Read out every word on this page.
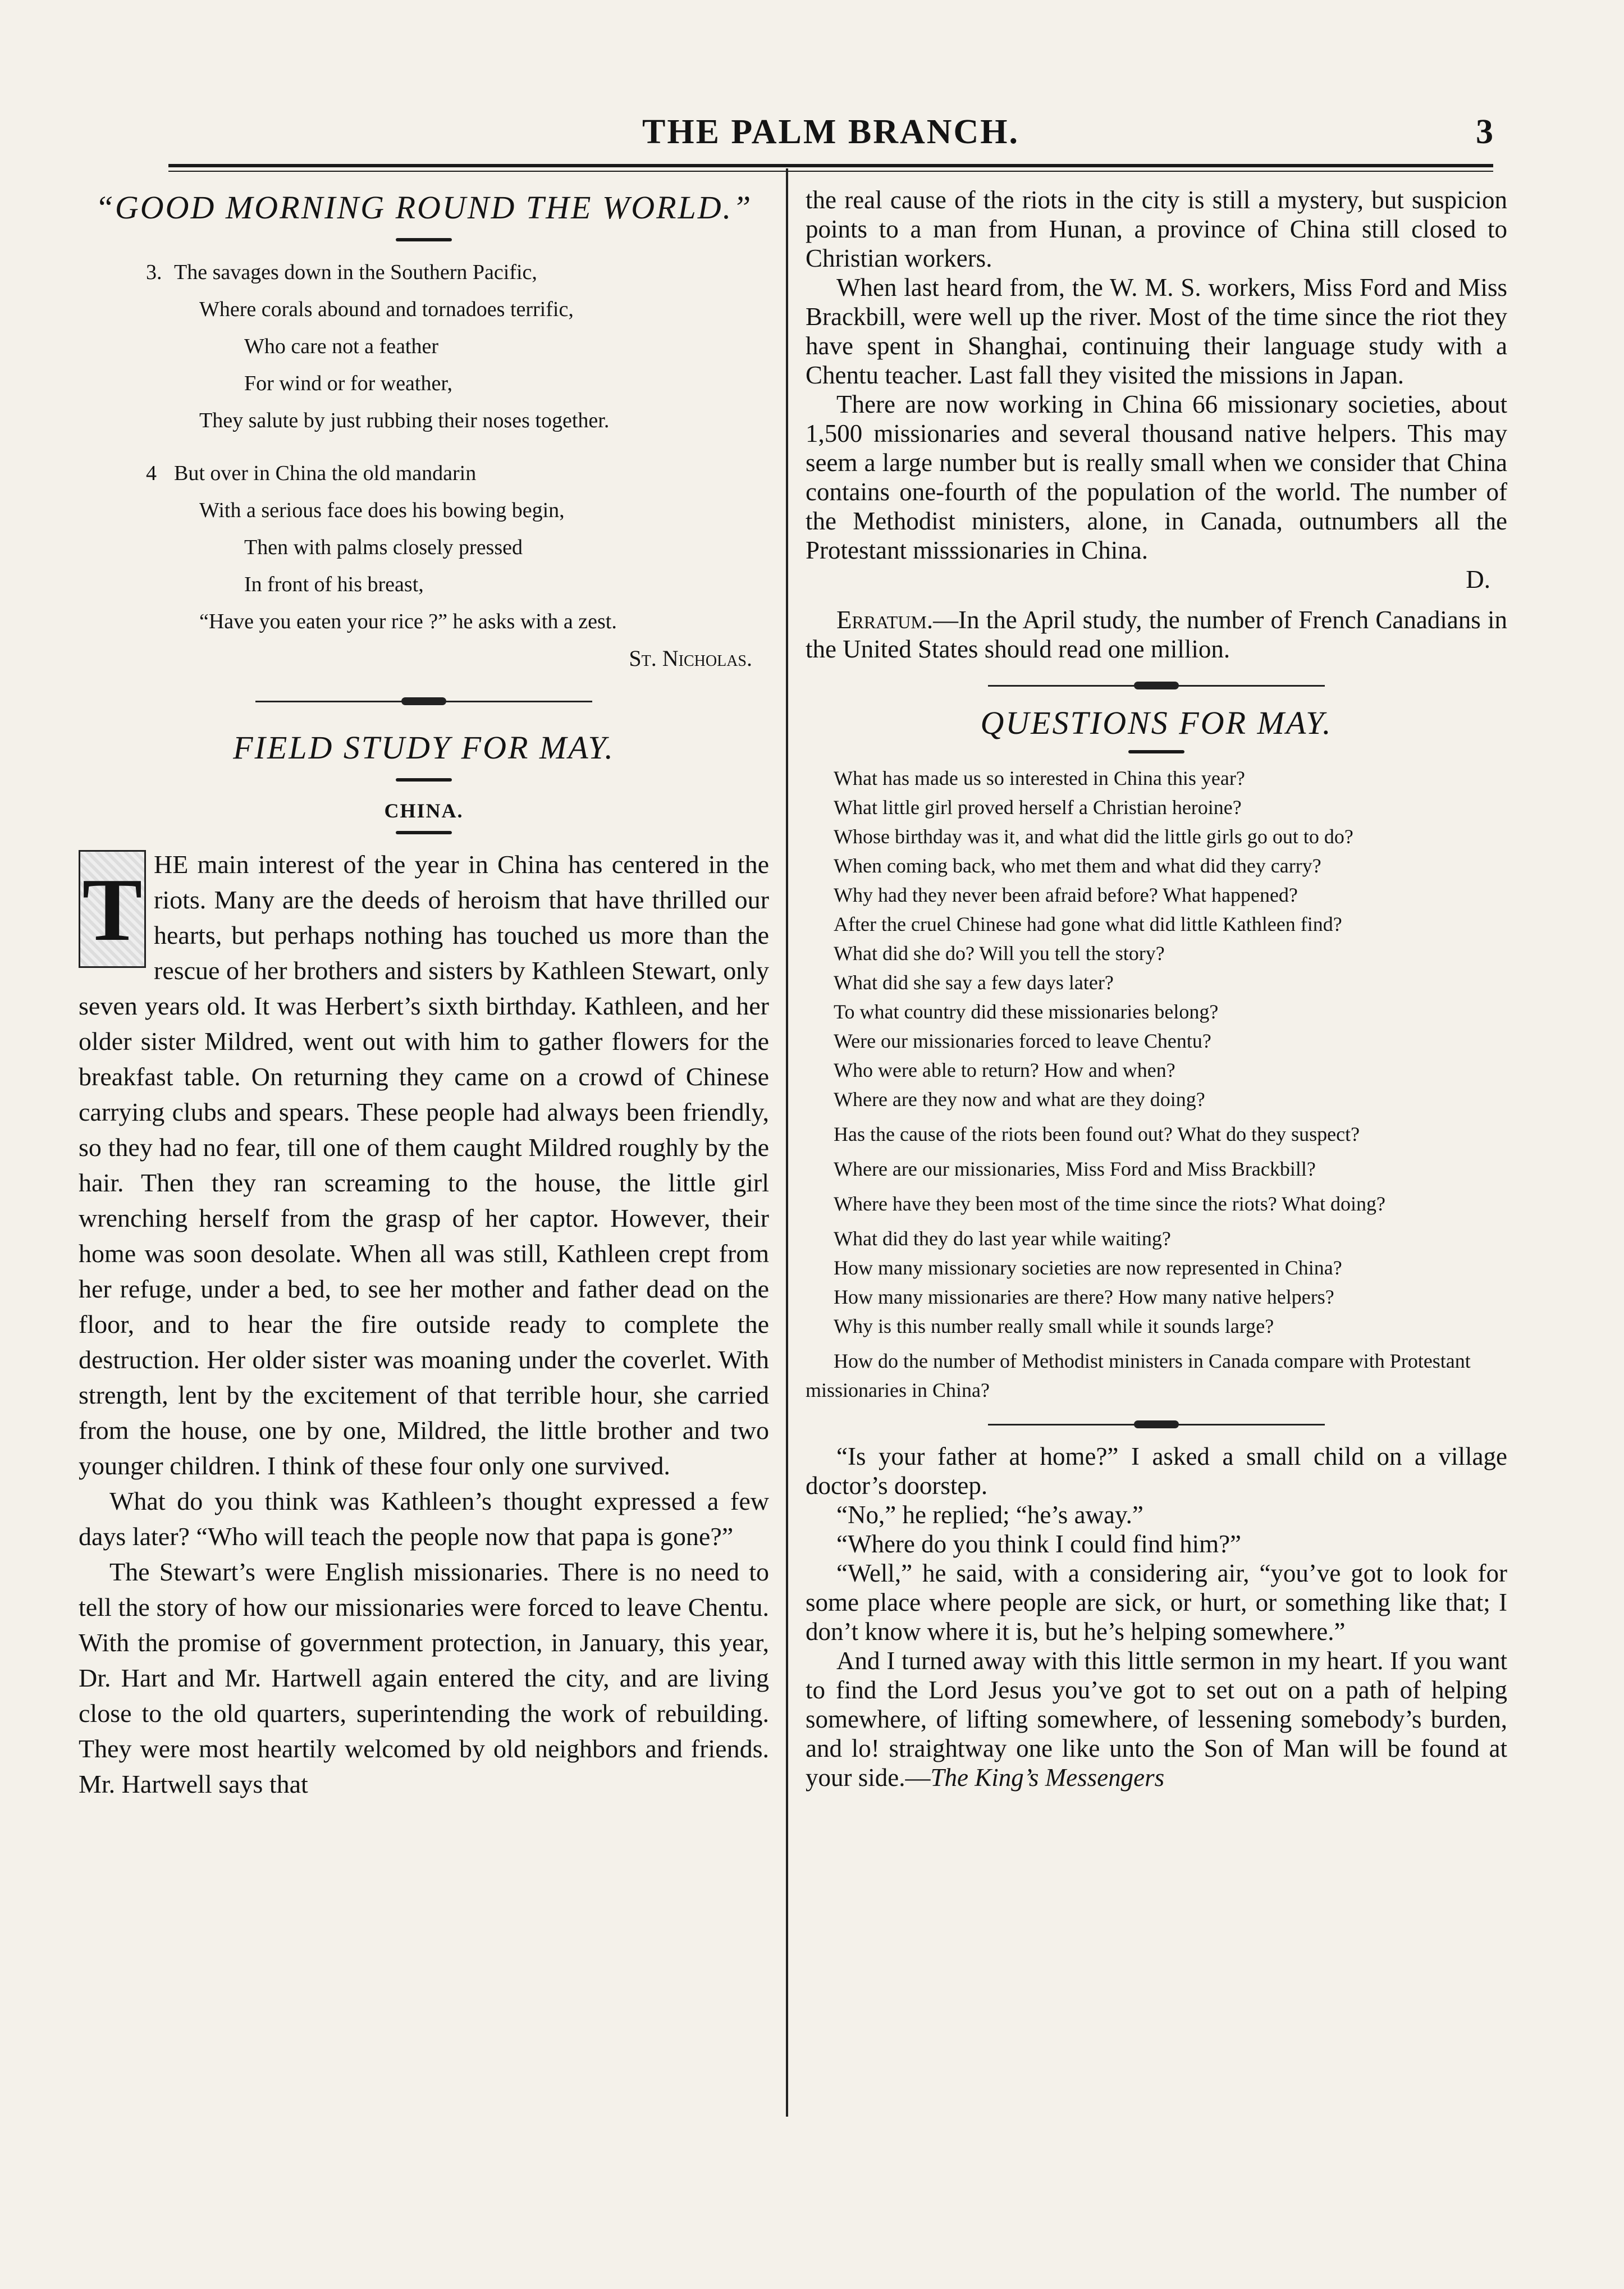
THE PALM BRANCH.	3
“GOOD MORNING ROUND THE WORLD.”
3. The savages down in the Southern Pacific,
Where corals abound and tornadoes terrific,
Who care not a feather
For wind or for weather,
They salute by just rubbing their noses together.
4 But over in China the old mandarin
With a serious face does his bowing begin,
Then with palms closely pressed
In front of his breast,
“Have you eaten your rice ?” he asks with a zest.
St. Nicholas.
FIELD STUDY FOR MAY.
CHINA.

T HE main interest of the year in China has centered in the riots. Many are the deeds of heroism that have thrilled our hearts, but perhaps nothing has touched us more than the rescue of her brothers and sisters by Kathleen Stewart, only seven years old. It was Herbert’s sixth birthday. Kathleen, and her older sister Mildred, went out with him to gather flowers for the breakfast table. On returning they came on a crowd of Chinese carrying clubs and spears. These people had always been friendly, so they had no fear, till one of them caught Mildred roughly by the hair. Then they ran screaming to the house, the little girl wrenching herself from the grasp of her captor. However, their home was soon desolate. When all was still, Kathleen crept from her refuge, under a bed, to see her mother and father dead on the floor, and to hear the fire outside ready to complete the destruction. Her older sister was moaning under the coverlet. With strength, lent by the excitement of that terrible hour, she carried from the house, one by one, Mildred, the little brother and two younger children. I think of these four only one survived.

What do you think was Kathleen’s thought expressed a few days later? “Who will teach the people now that papa is gone?”

The Stewart’s were English missionaries. There is no need to tell the story of how our missionaries were forced to leave Chentu. With the promise of government protection, in January, this year, Dr. Hart and Mr. Hartwell again entered the city, and are living close to the old quarters, superintending the work of rebuilding. They were most heartily welcomed by old neighbors and friends. Mr. Hartwell says that

the real cause of the riots in the city is still a mystery, but suspicion points to a man from Hunan, a province of China still closed to Christian workers.

When last heard from, the W. M. S. workers, Miss Ford and Miss Brackbill, were well up the river. Most of the time since the riot they have spent in Shanghai, continuing their language study with a Chentu teacher. Last fall they visited the missions in Japan.

There are now working in China 66 missionary societies, about 1,500 missionaries and several thousand native helpers. This may seem a large number but is really small when we consider that China contains one-fourth of the population of the world. The number of the Methodist ministers, alone, in Canada, outnumbers all the Protestant misssionaries in China.

D.

Erratum.—In the April study, the number of French Canadians in the United States should read one million.

QUESTIONS FOR MAY.
What has made us so interested in China this year?
What little girl proved herself a Christian heroine?
Whose birthday was it, and what did the little girls go out to do?
When coming back, who met them and what did they carry?
Why had they never been afraid before? What happened?
After the cruel Chinese had gone what did little Kathleen find?
What did she do? Will you tell the story?
What did she say a few days later?
To what country did these missionaries belong?
Were our missionaries forced to leave Chentu?
Who were able to return? How and when?
Where are they now and what are they doing?
Has the cause of the riots been found out? What do they suspect?
Where are our missionaries, Miss Ford and Miss Brackbill?
Where have they been most of the time since the riots? What doing?
What did they do last year while waiting?
How many missionary societies are now represented in China?
How many missionaries are there? How many native helpers?
Why is this number really small while it sounds large?
How do the number of Methodist ministers in Canada compare with Protestant missionaries in China?

“Is your father at home?” I asked a small child on a village doctor’s doorstep.

“No,” he replied; “he’s away.”

“Where do you think I could find him?”

“Well,” he said, with a considering air, “you’ve got to look for some place where people are sick, or hurt, or something like that; I don’t know where it is, but he’s helping somewhere.”

And I turned away with this little sermon in my heart. If you want to find the Lord Jesus you’ve got to set out on a path of helping somewhere, of lifting somewhere, of lessening somebody’s burden, and lo! straightway one like unto the Son of Man will be found at your side.—The King’s Messengers
